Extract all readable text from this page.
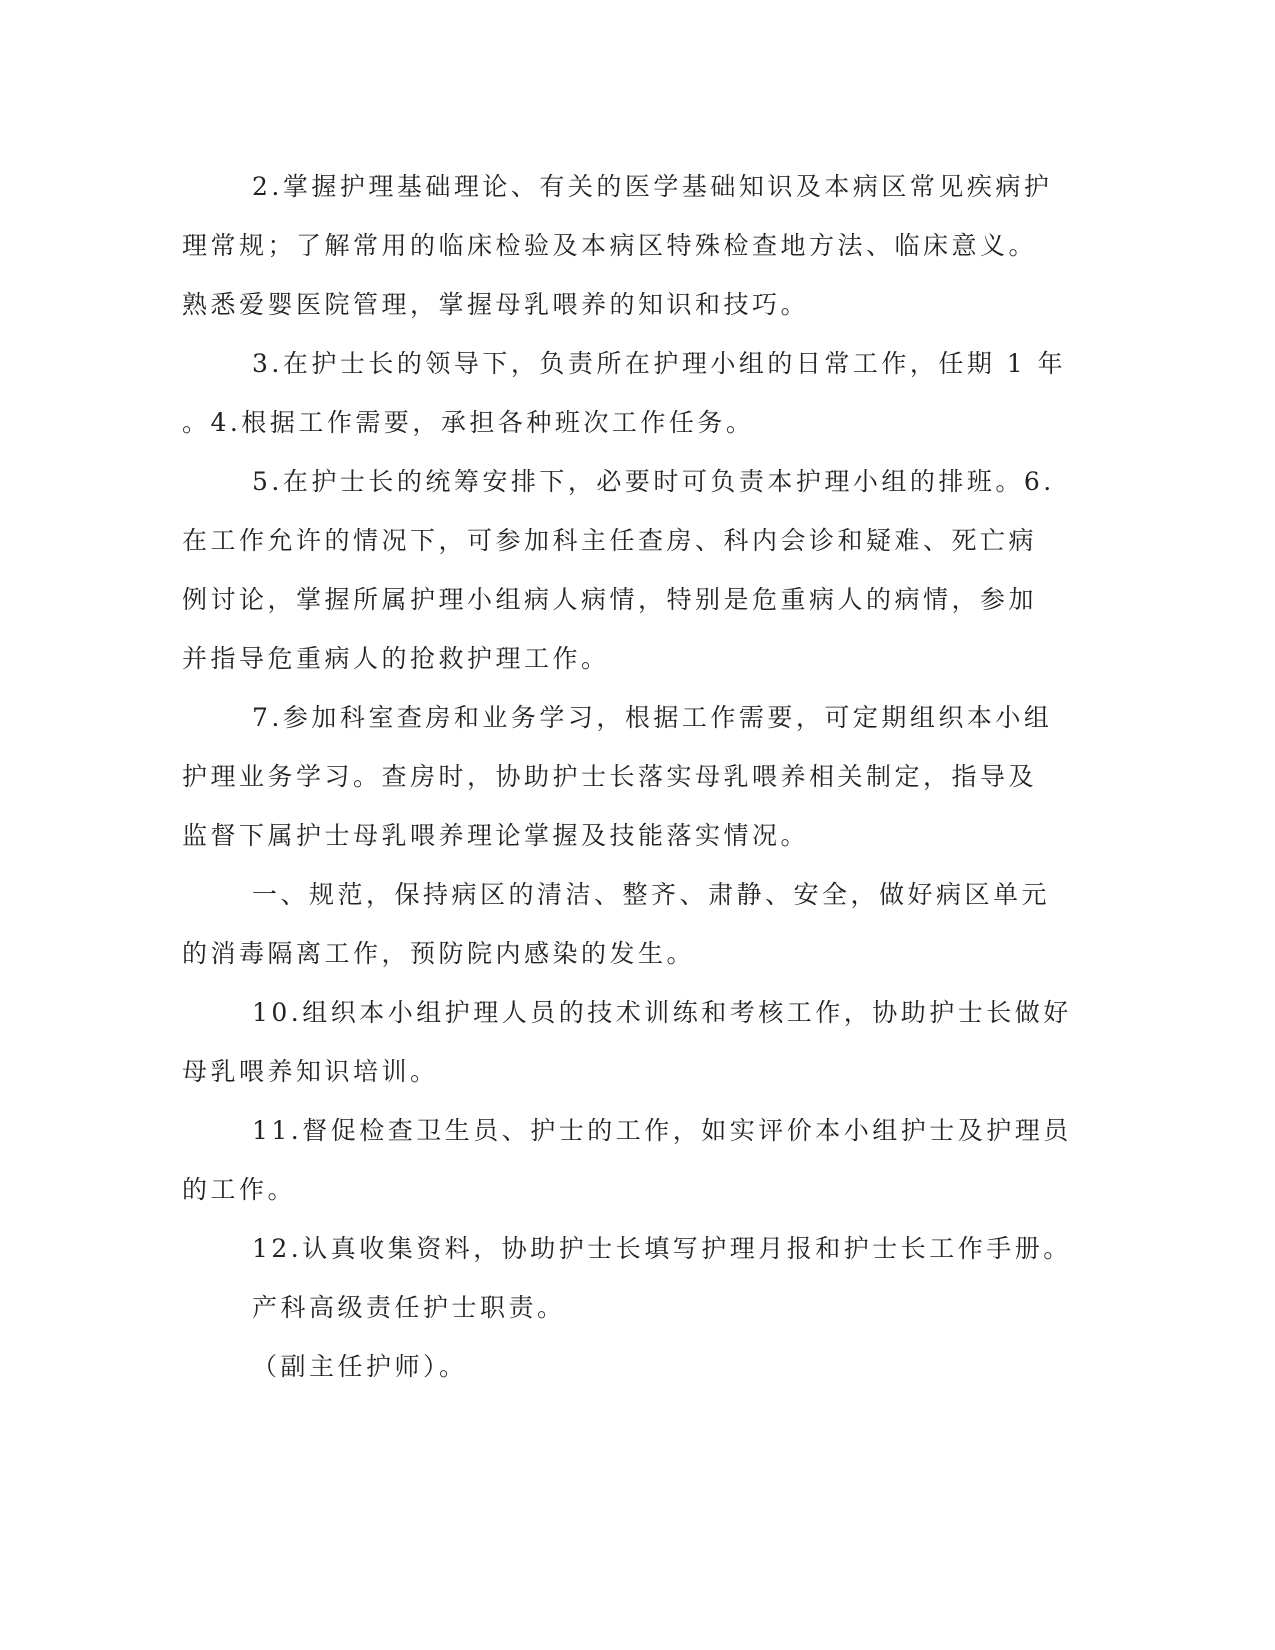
2.掌握护理基础理论、有关的医学基础知识及本病区常见疾病护
理常规；了解常用的临床检验及本病区特殊检查地方法、临床意义。
熟悉爱婴医院管理，掌握母乳喂养的知识和技巧。
3.在护士长的领导下，负责所在护理小组的日常工作，任期 1 年
。4.根据工作需要，承担各种班次工作任务。
5.在护士长的统筹安排下，必要时可负责本护理小组的排班。6.
在工作允许的情况下，可参加科主任查房、科内会诊和疑难、死亡病
例讨论，掌握所属护理小组病人病情，特别是危重病人的病情，参加
并指导危重病人的抢救护理工作。
7.参加科室查房和业务学习，根据工作需要，可定期组织本小组
护理业务学习。查房时，协助护士长落实母乳喂养相关制定，指导及
监督下属护士母乳喂养理论掌握及技能落实情况。
一、规范，保持病区的清洁、整齐、肃静、安全，做好病区单元
的消毒隔离工作，预防院内感染的发生。
10.组织本小组护理人员的技术训练和考核工作，协助护士长做好
母乳喂养知识培训。
11.督促检查卫生员、护士的工作，如实评价本小组护士及护理员
的工作。
12.认真收集资料，协助护士长填写护理月报和护士长工作手册。
产科高级责任护士职责。
（副主任护师）。
